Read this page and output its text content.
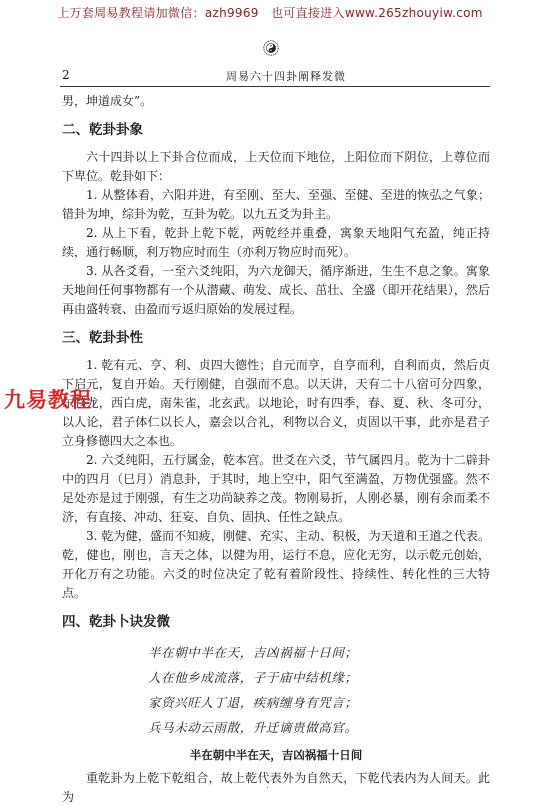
上万套周易教程请加微信：azh9969　也可直接进入www.265zhouyiw.com
2	周易六十四卦阐释发微

男，坤道成女”。

二、乾卦卦象

六十四卦以上下卦合位而成，上天位而下地位，上阳位而下阴位，上尊位而下卑位。乾卦如下：

1. 从整体看，六阳并进，有至刚、至大、至强、至健、至进的恢弘之气象；错卦为坤，综卦为乾，互卦为乾。以九五爻为卦主。

2. 从上下看，乾卦上乾下乾，两乾经并重叠，寓象天地阳气充盈，纯正持续，通行畅顺，利万物应时而生（亦利万物应时而死）。

3. 从各爻看，一至六爻纯阳，为六龙御天，循序渐进，生生不息之象。寓象天地间任何事物都有一个从潜藏、萌发、成长、茁壮、全盛（即开花结果），然后再由盛转衰、由盈而亏返归原始的发展过程。

三、乾卦卦性

1. 乾有元、亨、利、贞四大德性；自元而亨，自亨而利，自利而贞，然后贞下启元，复自开始。天行刚健，自强而不息。以天讲，天有二十八宿可分四象，东苍龙，西白虎，南朱雀，北玄武。以地论，时有四季，春、夏、秋、冬可分，以人论，君子体仁以长人，嘉会以合礼，利物以合义，贞固以干事，此亦是君子立身修德四大之本也。

2. 六爻纯阳，五行属金，乾本宫。世爻在六爻，节气属四月。乾为十二辟卦中的四月（巳月）消息卦，于其时，地上空中，阳气至满盈，万物优强盛。然不足处亦是过于刚强，有生之功尚缺养之茂。物刚易折，人刚必暴，刚有余而柔不济，有直接、冲动、狂妄、自负、固执、任性之缺点。

3. 乾为健，盛而不知疲，刚健、充实、主动、积极，为天道和王道之代表。乾，健也，刚也，言天之体，以健为用，运行不息，应化无穷，以示乾元创始，开化万有之功能。六爻的时位决定了乾有着阶段性、持续性、转化性的三大特点。

四、乾卦卜诀发微

半在朝中半在天，吉凶祸福十日间；
人在他乡成流落，子于庙中结机缘；
家资兴旺人丁退，疾病缠身有咒言；
兵马未动云雨散，升迁谪贵做高官。

半在朝中半在天，吉凶祸福十日间

重乾卦为上乾下乾组合，故上乾代表外为自然天，下乾代表内为人间天。此为

九易教程
·
